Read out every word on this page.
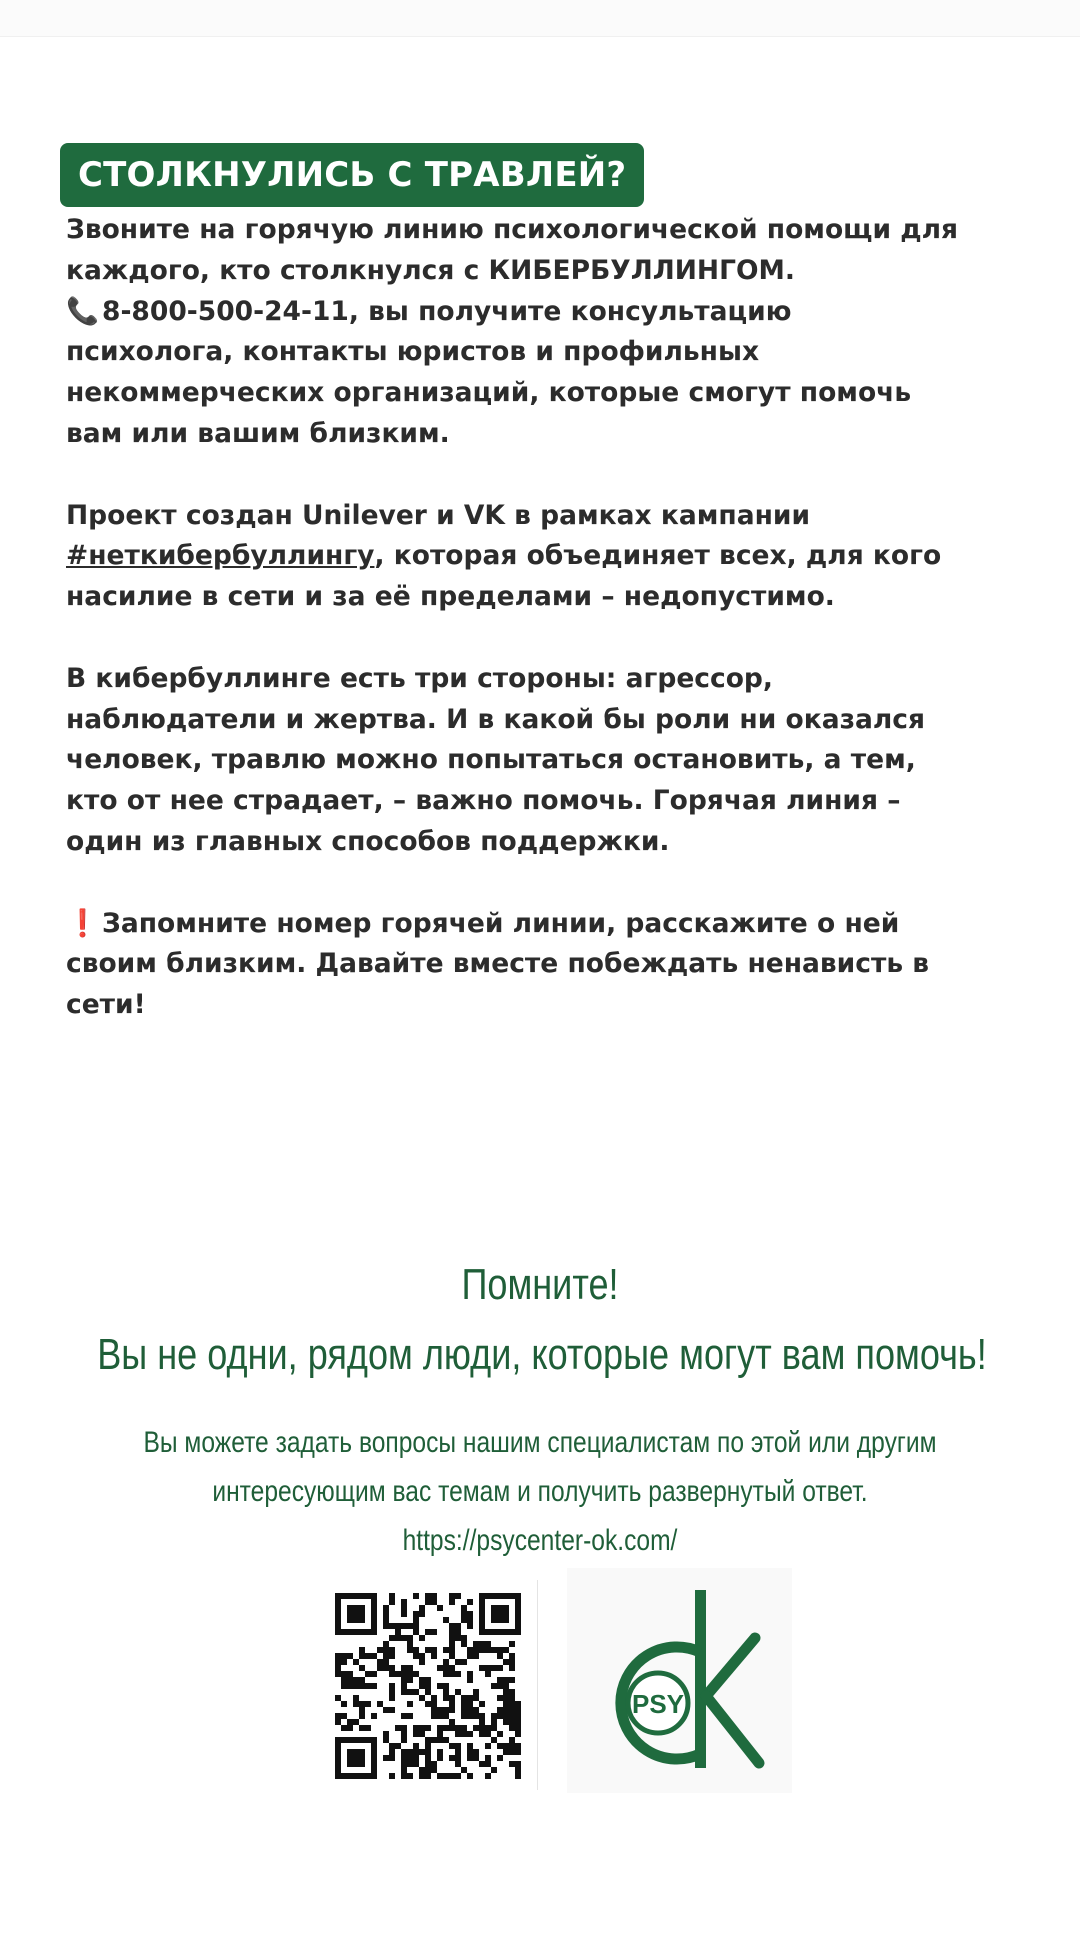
СТОЛКНУЛИСЬ С ТРАВЛЕЙ?

Звоните на горячую линию психологической помощи для
каждого, кто столкнулся с КИБЕРБУЛЛИНГОМ.
📞 8-800-500-24-11, вы получите консультацию
психолога, контакты юристов и профильных
некоммерческих организаций, которые смогут помочь
вам или вашим близким.

Проект создан Unilever и VK в рамках кампании
#неткибербуллингу, которая объединяет всех, для кого
насилие в сети и за её пределами – недопустимо.

В кибербуллинге есть три стороны: агрессор,
наблюдатели и жертва. И в какой бы роли ни оказался
человек, травлю можно попытаться остановить, а тем,
кто от нее страдает, – важно помочь. Горячая линия –
один из главных способов поддержки.

❗ Запомните номер горячей линии, расскажите о ней
своим близким. Давайте вместе побеждать ненависть в
сети!

Помните!
Вы не одни, рядом люди, которые могут вам помочь!
Вы можете задать вопросы нашим специалистам по этой или другим
интересующим вас темам и получить развернутый ответ.
https://psycenter-ok.com/
PSY
